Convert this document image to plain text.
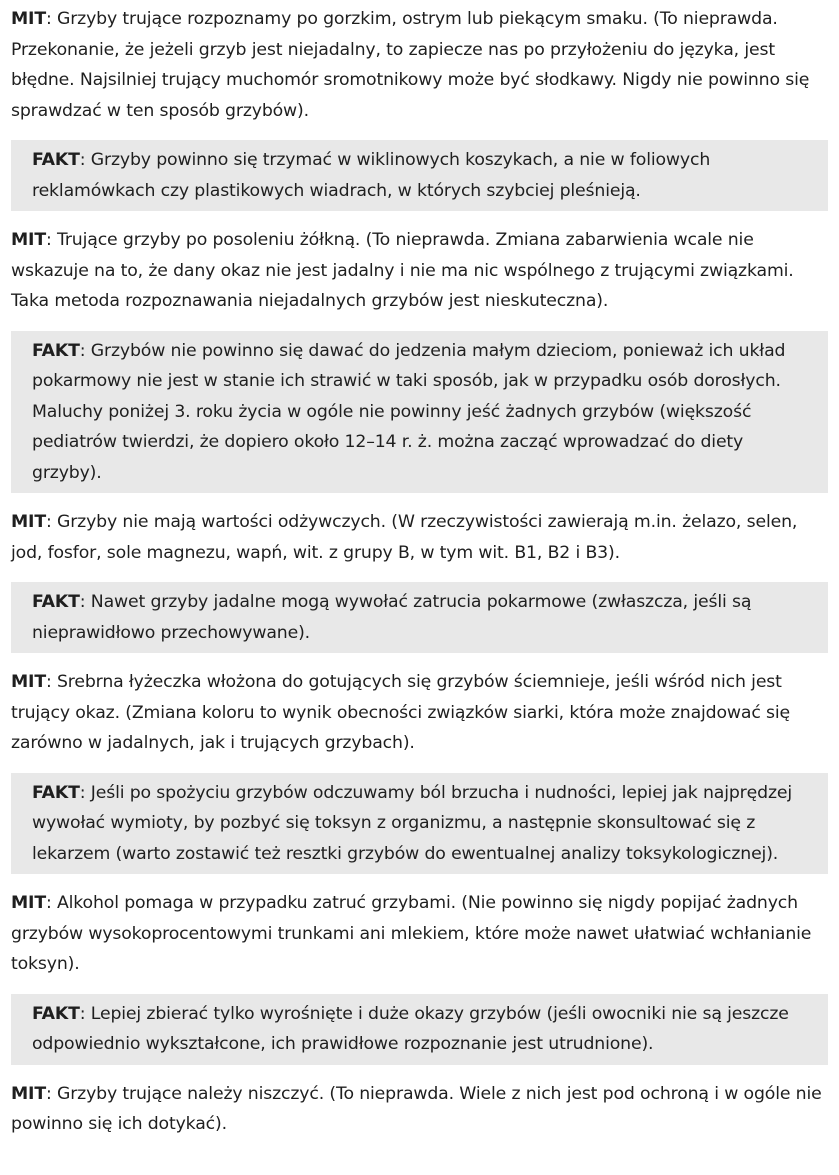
MIT: Grzyby trujące rozpoznamy po gorzkim, ostrym lub piekącym smaku. (To nieprawda. Przekonanie, że jeżeli grzyb jest niejadalny, to zapiecze nas po przyłożeniu do języka, jest błędne. Najsilniej trujący muchomór sromotnikowy może być słodkawy. Nigdy nie powinno się sprawdzać w ten sposób grzybów).

FAKT: Grzyby powinno się trzymać w wiklinowych koszykach, a nie w foliowych reklamówkach czy plastikowych wiadrach, w których szybciej pleśnieją.

MIT: Trujące grzyby po posoleniu żółkną. (To nieprawda. Zmiana zabarwienia wcale nie wskazuje na to, że dany okaz nie jest jadalny i nie ma nic wspólnego z trującymi związkami. Taka metoda rozpoznawania niejadalnych grzybów jest nieskuteczna).

FAKT: Grzybów nie powinno się dawać do jedzenia małym dzieciom, ponieważ ich układ pokarmowy nie jest w stanie ich strawić w taki sposób, jak w przypadku osób dorosłych. Maluchy poniżej 3. roku życia w ogóle nie powinny jeść żadnych grzybów (większość pediatrów twierdzi, że dopiero około 12–14 r. ż. można zacząć wprowadzać do diety grzyby).

MIT: Grzyby nie mają wartości odżywczych. (W rzeczywistości zawierają m.in. żelazo, selen, jod, fosfor, sole magnezu, wapń, wit. z grupy B, w tym wit. B1, B2 i B3).

FAKT: Nawet grzyby jadalne mogą wywołać zatrucia pokarmowe (zwłaszcza, jeśli są nieprawidłowo przechowywane).

MIT: Srebrna łyżeczka włożona do gotujących się grzybów ściemnieje, jeśli wśród nich jest trujący okaz. (Zmiana koloru to wynik obecności związków siarki, która może znajdować się zarówno w jadalnych, jak i trujących grzybach).

FAKT: Jeśli po spożyciu grzybów odczuwamy ból brzucha i nudności, lepiej jak najprędzej wywołać wymioty, by pozbyć się toksyn z organizmu, a następnie skonsultować się z lekarzem (warto zostawić też resztki grzybów do ewentualnej analizy toksykologicznej).

MIT: Alkohol pomaga w przypadku zatruć grzybami. (Nie powinno się nigdy popijać żadnych grzybów wysokoprocentowymi trunkami ani mlekiem, które może nawet ułatwiać wchłanianie toksyn).

FAKT: Lepiej zbierać tylko wyrośnięte i duże okazy grzybów (jeśli owocniki nie są jeszcze odpowiednio wykształcone, ich prawidłowe rozpoznanie jest utrudnione).

MIT: Grzyby trujące należy niszczyć. (To nieprawda. Wiele z nich jest pod ochroną i w ogóle nie powinno się ich dotykać).
